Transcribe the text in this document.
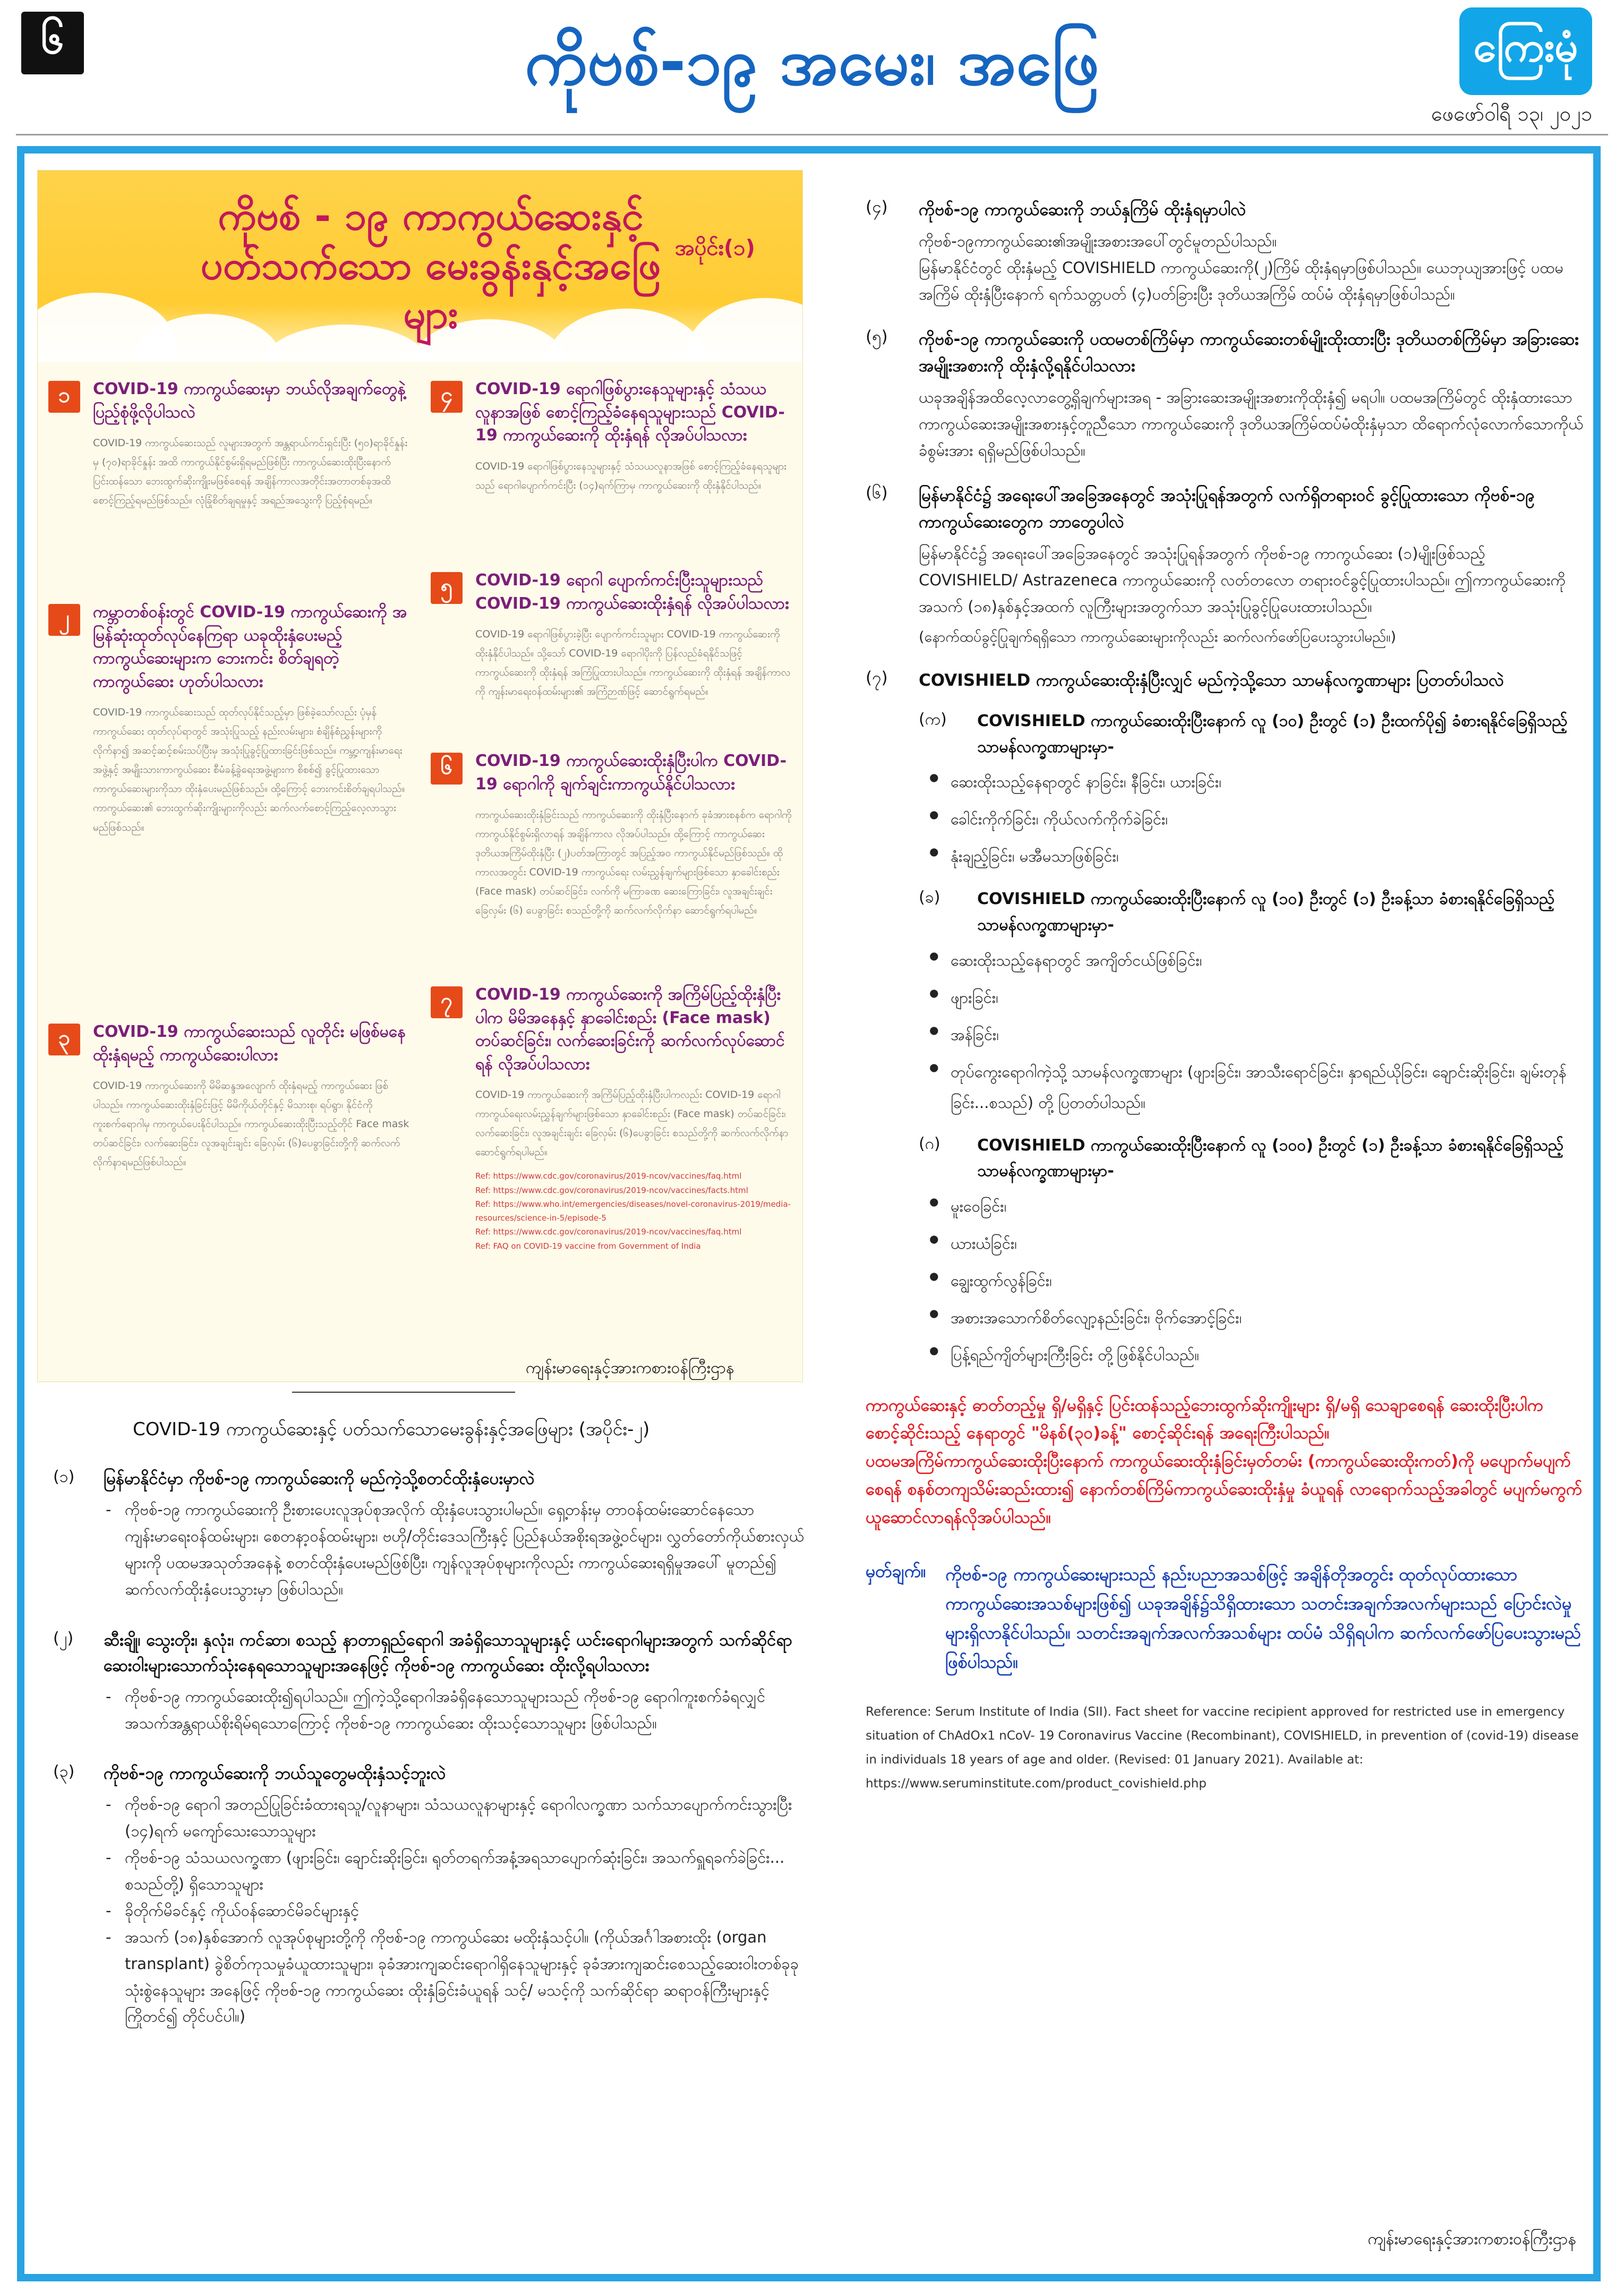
၆	ကိုဗစ်-၁၉ အမေး၊ အဖြေ	ကြေးမုံ
ဖေဖော်ဝါရီ ၁၃၊ ၂၀၂၁
ကိုဗစ် - ၁၉ ကာကွယ်ဆေးနှင့်
ပတ်သက်သော မေးခွန်းနှင့်အဖြေများ
အပိုင်း(၁)
၁	COVID-19 ကာကွယ်ဆေးမှာ ဘယ်လိုအချက်တွေနဲ့ ပြည့်စုံဖို့လိုပါသလဲ
COVID-19 ကာကွယ်ဆေးသည် လူများအတွက် အန္တရာယ်ကင်းရှင်းပြီး (၅၀)ရာခိုင်နှုန်း မှ (၇၀)ရာခိုင်နှုန်း အထိ ကာကွယ်နိုင်စွမ်းရှိရမည်ဖြစ်ပြီး ကာကွယ်ဆေးထိုးပြီးနောက် ပြင်းထန်သော ဘေးထွက်ဆိုးကျိုးမဖြစ်စေရန် အချိန်ကာလအတိုင်းအတာတစ်ခုအထိ စောင့်ကြည့်ရမည်ဖြစ်သည်။ လုံခြုံစိတ်ချရမှုနှင့် အရည်အသွေးကို ပြည့်စုံရမည်။
၂	ကမ္ဘာတစ်ဝန်းတွင် COVID-19 ကာကွယ်ဆေးကို အမြန်ဆုံးထုတ်လုပ်နေကြရာ ယခုထိုးနှံပေးမည့် ကာကွယ်ဆေးများက ဘေးကင်း စိတ်ချရတဲ့ ကာကွယ်ဆေး ဟုတ်ပါသလား
COVID-19 ကာကွယ်ဆေးသည် ထုတ်လုပ်နိုင်သည့်မှာ ဖြစ်ခဲ့သော်လည်း ပုံမှန်ကာကွယ်ဆေး ထုတ်လုပ်ရာတွင် အသုံးပြုသည့် နည်းလမ်းများ၊ စံချိန်စံညွှန်းများကို လိုက်နာ၍ အဆင့်ဆင့်စမ်းသပ်ပြီးမှ အသုံးပြုခွင့်ပြုထားခြင်းဖြစ်သည်။ ကမ္ဘာ့ကျန်းမာရေးအဖွဲ့နှင့် အမျိုးသားကာကွယ်ဆေး စီမံခန့်ခွဲရေးအဖွဲ့များက စိစစ်၍ ခွင့်ပြုထားသော ကာကွယ်ဆေးများကိုသာ ထိုးနှံပေးမည်ဖြစ်သည်။ ထို့ကြောင့် ဘေးကင်းစိတ်ချရပါသည်။ ကာကွယ်ဆေး၏ ဘေးထွက်ဆိုးကျိုးများကိုလည်း ဆက်လက်စောင့်ကြည့်လေ့လာသွားမည်ဖြစ်သည်။
၃	COVID-19 ကာကွယ်ဆေးသည် လူတိုင်း မဖြစ်မနေထိုးနှံရမည့် ကာကွယ်ဆေးပါလား
COVID-19 ကာကွယ်ဆေးကို မိမိဆန္ဒအလျောက် ထိုးနှံရမည့် ကာကွယ်ဆေး ဖြစ်ပါသည်။ ကာကွယ်ဆေးထိုးနှံခြင်းဖြင့် မိမိကိုယ်တိုင်နှင့် မိသားစု၊ ရပ်ရွာ၊ နိုင်ငံကို ကူးစက်ရောဂါမှ ကာကွယ်ပေးနိုင်ပါသည်။ ကာကွယ်ဆေးထိုးပြီးသည့်တိုင် Face mask တပ်ဆင်ခြင်း၊ လက်ဆေးခြင်း၊ လူအချင်းချင်း ခြေလှမ်း (၆)ပေခွာခြင်းတို့ကို ဆက်လက်လိုက်နာရမည်ဖြစ်ပါသည်။
၄	COVID-19 ရောဂါဖြစ်ပွားနေသူများနှင့် သံသယလူနာအဖြစ် စောင့်ကြည့်ခံနေရသူများသည် COVID-19 ကာကွယ်ဆေးကို ထိုးနှံရန် လိုအပ်ပါသလား
COVID-19 ရောဂါဖြစ်ပွားနေသူများနှင့် သံသယလူနာအဖြစ် စောင့်ကြည့်ခံနေရသူများသည် ရောဂါပျောက်ကင်းပြီး (၁၄)ရက်ကြာမှ ကာကွယ်ဆေးကို ထိုးနှံနိုင်ပါသည်။
၅	COVID-19 ရောဂါ ပျောက်ကင်းပြီးသူများသည် COVID-19 ကာကွယ်ဆေးထိုးနှံရန် လိုအပ်ပါသလား
COVID-19 ရောဂါဖြစ်ပွားခဲ့ပြီး ပျောက်ကင်းသူများ COVID-19 ကာကွယ်ဆေးကို ထိုးနှံနိုင်ပါသည်။ သို့သော် COVID-19 ရောဂါပိုးကို ပြန်လည်ခံရနိုင်သဖြင့် ကာကွယ်ဆေးကို ထိုးနှံရန် အကြံပြုထားပါသည်။ ကာကွယ်ဆေးကို ထိုးနှံရန် အချိန်ကာလကို ကျန်းမာရေးဝန်ထမ်းများ၏ အကြံဉာဏ်ဖြင့် ဆောင်ရွက်ရမည်။
၆	COVID-19 ကာကွယ်ဆေးထိုးနှံပြီးပါက COVID-19 ရောဂါကို ချက်ချင်းကာကွယ်နိုင်ပါသလား
ကာကွယ်ဆေးထိုးနှံခြင်းသည် ကာကွယ်ဆေးကို ထိုးနှံပြီးနောက် ခုခံအားစနစ်က ရောဂါကို ကာကွယ်နိုင်စွမ်းရှိလာရန် အချိန်ကာလ လိုအပ်ပါသည်။ ထို့ကြောင့် ကာကွယ်ဆေး ဒုတိယအကြိမ်ထိုးနှံပြီး (၂)ပတ်အကြာတွင် အပြည့်အဝ ကာကွယ်နိုင်မည်ဖြစ်သည်။ ထိုကာလအတွင်း COVID-19 ကာကွယ်ရေး လမ်းညွှန်ချက်များဖြစ်သော နှာခေါင်းစည်း (Face mask) တပ်ဆင်ခြင်း၊ လက်ကို မကြာခဏ ဆေးကြောခြင်း၊ လူအချင်းချင်း ခြေလှမ်း (၆) ပေခွာခြင်း စသည်တို့ကို ဆက်လက်လိုက်နာ ဆောင်ရွက်ရပါမည်။
၇	COVID-19 ကာကွယ်ဆေးကို အကြိမ်ပြည့်ထိုးနှံပြီးပါက မိမိအနေနှင့် နှာခေါင်းစည်း (Face mask) တပ်ဆင်ခြင်း၊ လက်ဆေးခြင်းကို ဆက်လက်လုပ်ဆောင်ရန် လိုအပ်ပါသလား
COVID-19 ကာကွယ်ဆေးကို အကြိမ်ပြည့်ထိုးနှံပြီးပါကလည်း COVID-19 ရောဂါကာကွယ်ရေးလမ်းညွှန်ချက်များဖြစ်သော နှာခေါင်းစည်း (Face mask) တပ်ဆင်ခြင်း၊ လက်ဆေးခြင်း၊ လူအချင်းချင်း ခြေလှမ်း (၆)ပေခွာခြင်း စသည်တို့ကို ဆက်လက်လိုက်နာ ဆောင်ရွက်ရပါမည်။
Ref: https://www.cdc.gov/coronavirus/2019-ncov/vaccines/faq.html
Ref: https://www.cdc.gov/coronavirus/2019-ncov/vaccines/facts.html
Ref: https://www.who.int/emergencies/diseases/novel-coronavirus-2019/media-resources/science-in-5/episode-5
Ref: https://www.cdc.gov/coronavirus/2019-ncov/vaccines/faq.html
Ref: FAQ on COVID-19 vaccine from Government of India
ကျန်းမာရေးနှင့်အားကစားဝန်ကြီးဌာန
COVID-19 ကာကွယ်ဆေးနှင့် ပတ်သက်သောမေးခွန်းနှင့်အဖြေများ (အပိုင်း-၂)
(၁) မြန်မာနိုင်ငံမှာ ကိုဗစ်-၁၉ ကာကွယ်ဆေးကို မည်ကဲ့သို့စတင်ထိုးနှံပေးမှာလဲ
- ကိုဗစ်-၁၉ ကာကွယ်ဆေးကို ဦးစားပေးလူအုပ်စုအလိုက် ထိုးနှံပေးသွားပါမည်။ ရှေ့တန်းမှ တာဝန်ထမ်းဆောင်နေသော ကျန်းမာရေးဝန်ထမ်းများ၊ စေတနာ့ဝန်ထမ်းများ၊ ဗဟို/တိုင်းဒေသကြီးနှင့် ပြည်နယ်အစိုးရအဖွဲ့ဝင်များ၊ လွှတ်တော်ကိုယ်စားလှယ်များကို ပထမအသုတ်အနေနဲ့ စတင်ထိုးနှံပေးမည်ဖြစ်ပြီး၊ ကျန်လူအုပ်စုများကိုလည်း ကာကွယ်ဆေးရရှိမှုအပေါ် မူတည်၍ ဆက်လက်ထိုးနှံပေးသွားမှာ ဖြစ်ပါသည်။
(၂) ဆီးချို၊ သွေးတိုး၊ နှလုံး၊ ကင်ဆာ၊ စသည့် နာတာရှည်ရောဂါ အခံရှိသောသူများနှင့် ယင်းရောဂါများအတွက် သက်ဆိုင်ရာဆေးဝါးများသောက်သုံးနေရသောသူများအနေဖြင့် ကိုဗစ်-၁၉ ကာကွယ်ဆေး ထိုးလို့ရပါသလား
- ကိုဗစ်-၁၉ ကာကွယ်ဆေးထိုး၍ရပါသည်။ ဤကဲ့သို့ရောဂါအခံရှိနေသောသူများသည် ကိုဗစ်-၁၉ ရောဂါကူးစက်ခံရလျှင် အသက်အန္တရာယ်စိုးရိမ်ရသောကြောင့် ကိုဗစ်-၁၉ ကာကွယ်ဆေး ထိုးသင့်သောသူများ ဖြစ်ပါသည်။
(၃) ကိုဗစ်-၁၉ ကာကွယ်ဆေးကို ဘယ်သူတွေမထိုးနှံသင့်ဘူးလဲ
- ကိုဗစ်-၁၉ ရောဂါ အတည်ပြုခြင်းခံထားရသူ/လူနာများ၊ သံသယလူနာများနှင့် ရောဂါလက္ခဏာ သက်သာပျောက်ကင်းသွားပြီး (၁၄)ရက် မကျော်သေးသောသူများ
- ကိုဗစ်-၁၉ သံသယလက္ခဏာ (ဖျားခြင်း၊ ချောင်းဆိုးခြင်း၊ ရုတ်တရက်အနံ့အရသာပျောက်ဆုံးခြင်း၊ အသက်ရှူရခက်ခဲခြင်း... စသည်တို့) ရှိသောသူများ
- ခိုတိုက်မိခင်နှင့် ကိုယ်ဝန်ဆောင်မိခင်များနှင့်
- အသက် (၁၈)နှစ်အောက် လူအုပ်စုများတို့ကို ကိုဗစ်-၁၉ ကာကွယ်ဆေး မထိုးနှံသင့်ပါ။ (ကိုယ်အင်္ဂါအစားထိုး (organ transplant) ခွဲစိတ်ကုသမှုခံယူထားသူများ၊ ခုခံအားကျဆင်းရောဂါရှိနေသူများနှင့် ခုခံအားကျဆင်းစေသည့်ဆေးဝါးတစ်ခုခုသုံးစွဲနေသူများ အနေဖြင့် ကိုဗစ်-၁၉ ကာကွယ်ဆေး ထိုးနှံခြင်းခံယူရန် သင့်/ မသင့်ကို သက်ဆိုင်ရာ ဆရာဝန်ကြီးများနှင့် ကြိုတင်၍ တိုင်ပင်ပါ။)
(၄) ကိုဗစ်-၁၉ ကာကွယ်ဆေးကို ဘယ်နှကြိမ် ထိုးနှံရမှာပါလဲ
ကိုဗစ်-၁၉ကာကွယ်ဆေး၏အမျိုးအစားအပေါ်တွင်မူတည်ပါသည်။
မြန်မာနိုင်ငံတွင် ထိုးနှံမည့် COVISHIELD ကာကွယ်ဆေးကို(၂)ကြိမ် ထိုးနှံရမှာဖြစ်ပါသည်။ ယေဘုယျအားဖြင့် ပထမအကြိမ် ထိုးနှံပြီးနောက် ရက်သတ္တပတ် (၄)ပတ်ခြားပြီး ဒုတိယအကြိမ် ထပ်မံ ထိုးနှံရမှာဖြစ်ပါသည်။
(၅) ကိုဗစ်-၁၉ ကာကွယ်ဆေးကို ပထမတစ်ကြိမ်မှာ ကာကွယ်ဆေးတစ်မျိုးထိုးထားပြီး ဒုတိယတစ်ကြိမ်မှာ အခြားဆေးအမျိုးအစားကို ထိုးနှံလို့ရနိုင်ပါသလား
ယခုအချိန်အထိလေ့လာတွေ့ရှိချက်များအရ - အခြားဆေးအမျိုးအစားကိုထိုးနှံ၍ မရပါ။ ပထမအကြိမ်တွင် ထိုးနှံထားသော ကာကွယ်ဆေးအမျိုးအစားနှင့်တူညီသော ကာကွယ်ဆေးကို ဒုတိယအကြိမ်ထပ်မံထိုးနှံမှသာ ထိရောက်လုံလောက်သောကိုယ်ခံစွမ်းအား ရရှိမည်ဖြစ်ပါသည်။
(၆) မြန်မာနိုင်ငံ၌ အရေးပေါ်အခြေအနေတွင် အသုံးပြုရန်အတွက် လက်ရှိတရားဝင် ခွင့်ပြုထားသော ကိုဗစ်-၁၉ ကာကွယ်ဆေးတွေက ဘာတွေပါလဲ
မြန်မာနိုင်ငံ၌ အရေးပေါ်အခြေအနေတွင် အသုံးပြုရန်အတွက် ကိုဗစ်-၁၉ ကာကွယ်ဆေး (၁)မျိုးဖြစ်သည့် COVISHIELD/ Astrazeneca ကာကွယ်ဆေးကို လတ်တလော တရားဝင်ခွင့်ပြုထားပါသည်။ ဤကာကွယ်ဆေးကို အသက် (၁၈)နှစ်နှင့်အထက် လူကြီးများအတွက်သာ အသုံးပြုခွင့်ပြုပေးထားပါသည်။
(နောက်ထပ်ခွင့်ပြုချက်ရရှိသော ကာကွယ်ဆေးများကိုလည်း ဆက်လက်ဖော်ပြပေးသွားပါမည်။)
(၇) COVISHIELD ကာကွယ်ဆေးထိုးနှံပြီးလျှင် မည်ကဲ့သို့သော သာမန်လက္ခဏာများ ပြတတ်ပါသလဲ
(က) COVISHIELD ကာကွယ်ဆေးထိုးပြီးနောက် လူ (၁၀) ဦးတွင် (၁) ဦးထက်ပို၍ ခံစားရနိုင်ခြေရှိသည့် သာမန်လက္ခဏာများမှာ-
● ဆေးထိုးသည့်နေရာတွင် နာခြင်း၊ နီခြင်း၊ ယားခြင်း၊
● ခေါင်းကိုက်ခြင်း၊ ကိုယ်လက်ကိုက်ခဲခြင်း၊
● နုံးချည့်ခြင်း၊ မအီမသာဖြစ်ခြင်း၊
(ခ) COVISHIELD ကာကွယ်ဆေးထိုးပြီးနောက် လူ (၁၀) ဦးတွင် (၁) ဦးခန့်သာ ခံစားရနိုင်ခြေရှိသည့် သာမန်လက္ခဏာများမှာ-
● ဆေးထိုးသည့်နေရာတွင် အကျိတ်ငယ်ဖြစ်ခြင်း၊
● ဖျားခြင်း၊
● အန်ခြင်း၊
● တုပ်ကွေးရောဂါကဲ့သို့ သာမန်လက္ခဏာများ (ဖျားခြင်း၊ အာသီးရောင်ခြင်း၊ နှာရည်ယိုခြင်း၊ ချောင်းဆိုးခြင်း၊ ချမ်းတုန်ခြင်း...စသည်) တို့ ပြတတ်ပါသည်။
(ဂ) COVISHIELD ကာကွယ်ဆေးထိုးပြီးနောက် လူ (၁၀၀) ဦးတွင် (၁) ဦးခန့်သာ ခံစားရနိုင်ခြေရှိသည့် သာမန်လက္ခဏာများမှာ-
● မူးဝေခြင်း၊
● ယားယံခြင်း၊
● ချွေးထွက်လွန်ခြင်း၊
● အစားအသောက်စိတ်လျော့နည်းခြင်း၊ ဗိုက်အောင့်ခြင်း၊
● ပြန့်ရည်ကျိတ်များကြီးခြင်း တို့ဖြစ်နိုင်ပါသည်။
ကာကွယ်ဆေးနှင့် ဓာတ်တည့်မှု ရှိ/မရှိနှင့် ပြင်းထန်သည့်ဘေးထွက်ဆိုးကျိုးများ ရှိ/မရှိ သေချာစေရန် ဆေးထိုးပြီးပါက စောင့်ဆိုင်းသည့် နေရာတွင် "မိနစ်(၃၀)ခန့်" စောင့်ဆိုင်းရန် အရေးကြီးပါသည်။
ပထမအကြိမ်ကာကွယ်ဆေးထိုးပြီးနောက် ကာကွယ်ဆေးထိုးနှံခြင်းမှတ်တမ်း (ကာကွယ်ဆေးထိုးကတ်)ကို မပျောက်မပျက်စေရန် စနစ်တကျသိမ်းဆည်းထား၍ နောက်တစ်ကြိမ်ကာကွယ်ဆေးထိုးနှံမှု ခံယူရန် လာရောက်သည့်အခါတွင် မပျက်မကွက်ယူဆောင်လာရန်လိုအပ်ပါသည်။
မှတ်ချက်။ ကိုဗစ်-၁၉ ကာကွယ်ဆေးများသည် နည်းပညာအသစ်ဖြင့် အချိန်တိုအတွင်း ထုတ်လုပ်ထားသော ကာကွယ်ဆေးအသစ်များဖြစ်၍ ယခုအချိန်၌သိရှိထားသော သတင်းအချက်အလက်များသည် ပြောင်းလဲမှုများရှိလာနိုင်ပါသည်။ သတင်းအချက်အလက်အသစ်များ ထပ်မံ သိရှိရပါက ဆက်လက်ဖော်ပြပေးသွားမည် ဖြစ်ပါသည်။
Reference: Serum Institute of India (SII). Fact sheet for vaccine recipient approved for restricted use in emergency situation of ChAdOx1 nCoV- 19 Coronavirus Vaccine (Recombinant), COVISHIELD, in prevention of (covid-19) disease in individuals 18 years of age and older. (Revised: 01 January 2021). Available at: https://www.seruminstitute.com/product_covishield.php
ကျန်းမာရေးနှင့်အားကစားဝန်ကြီးဌာန
